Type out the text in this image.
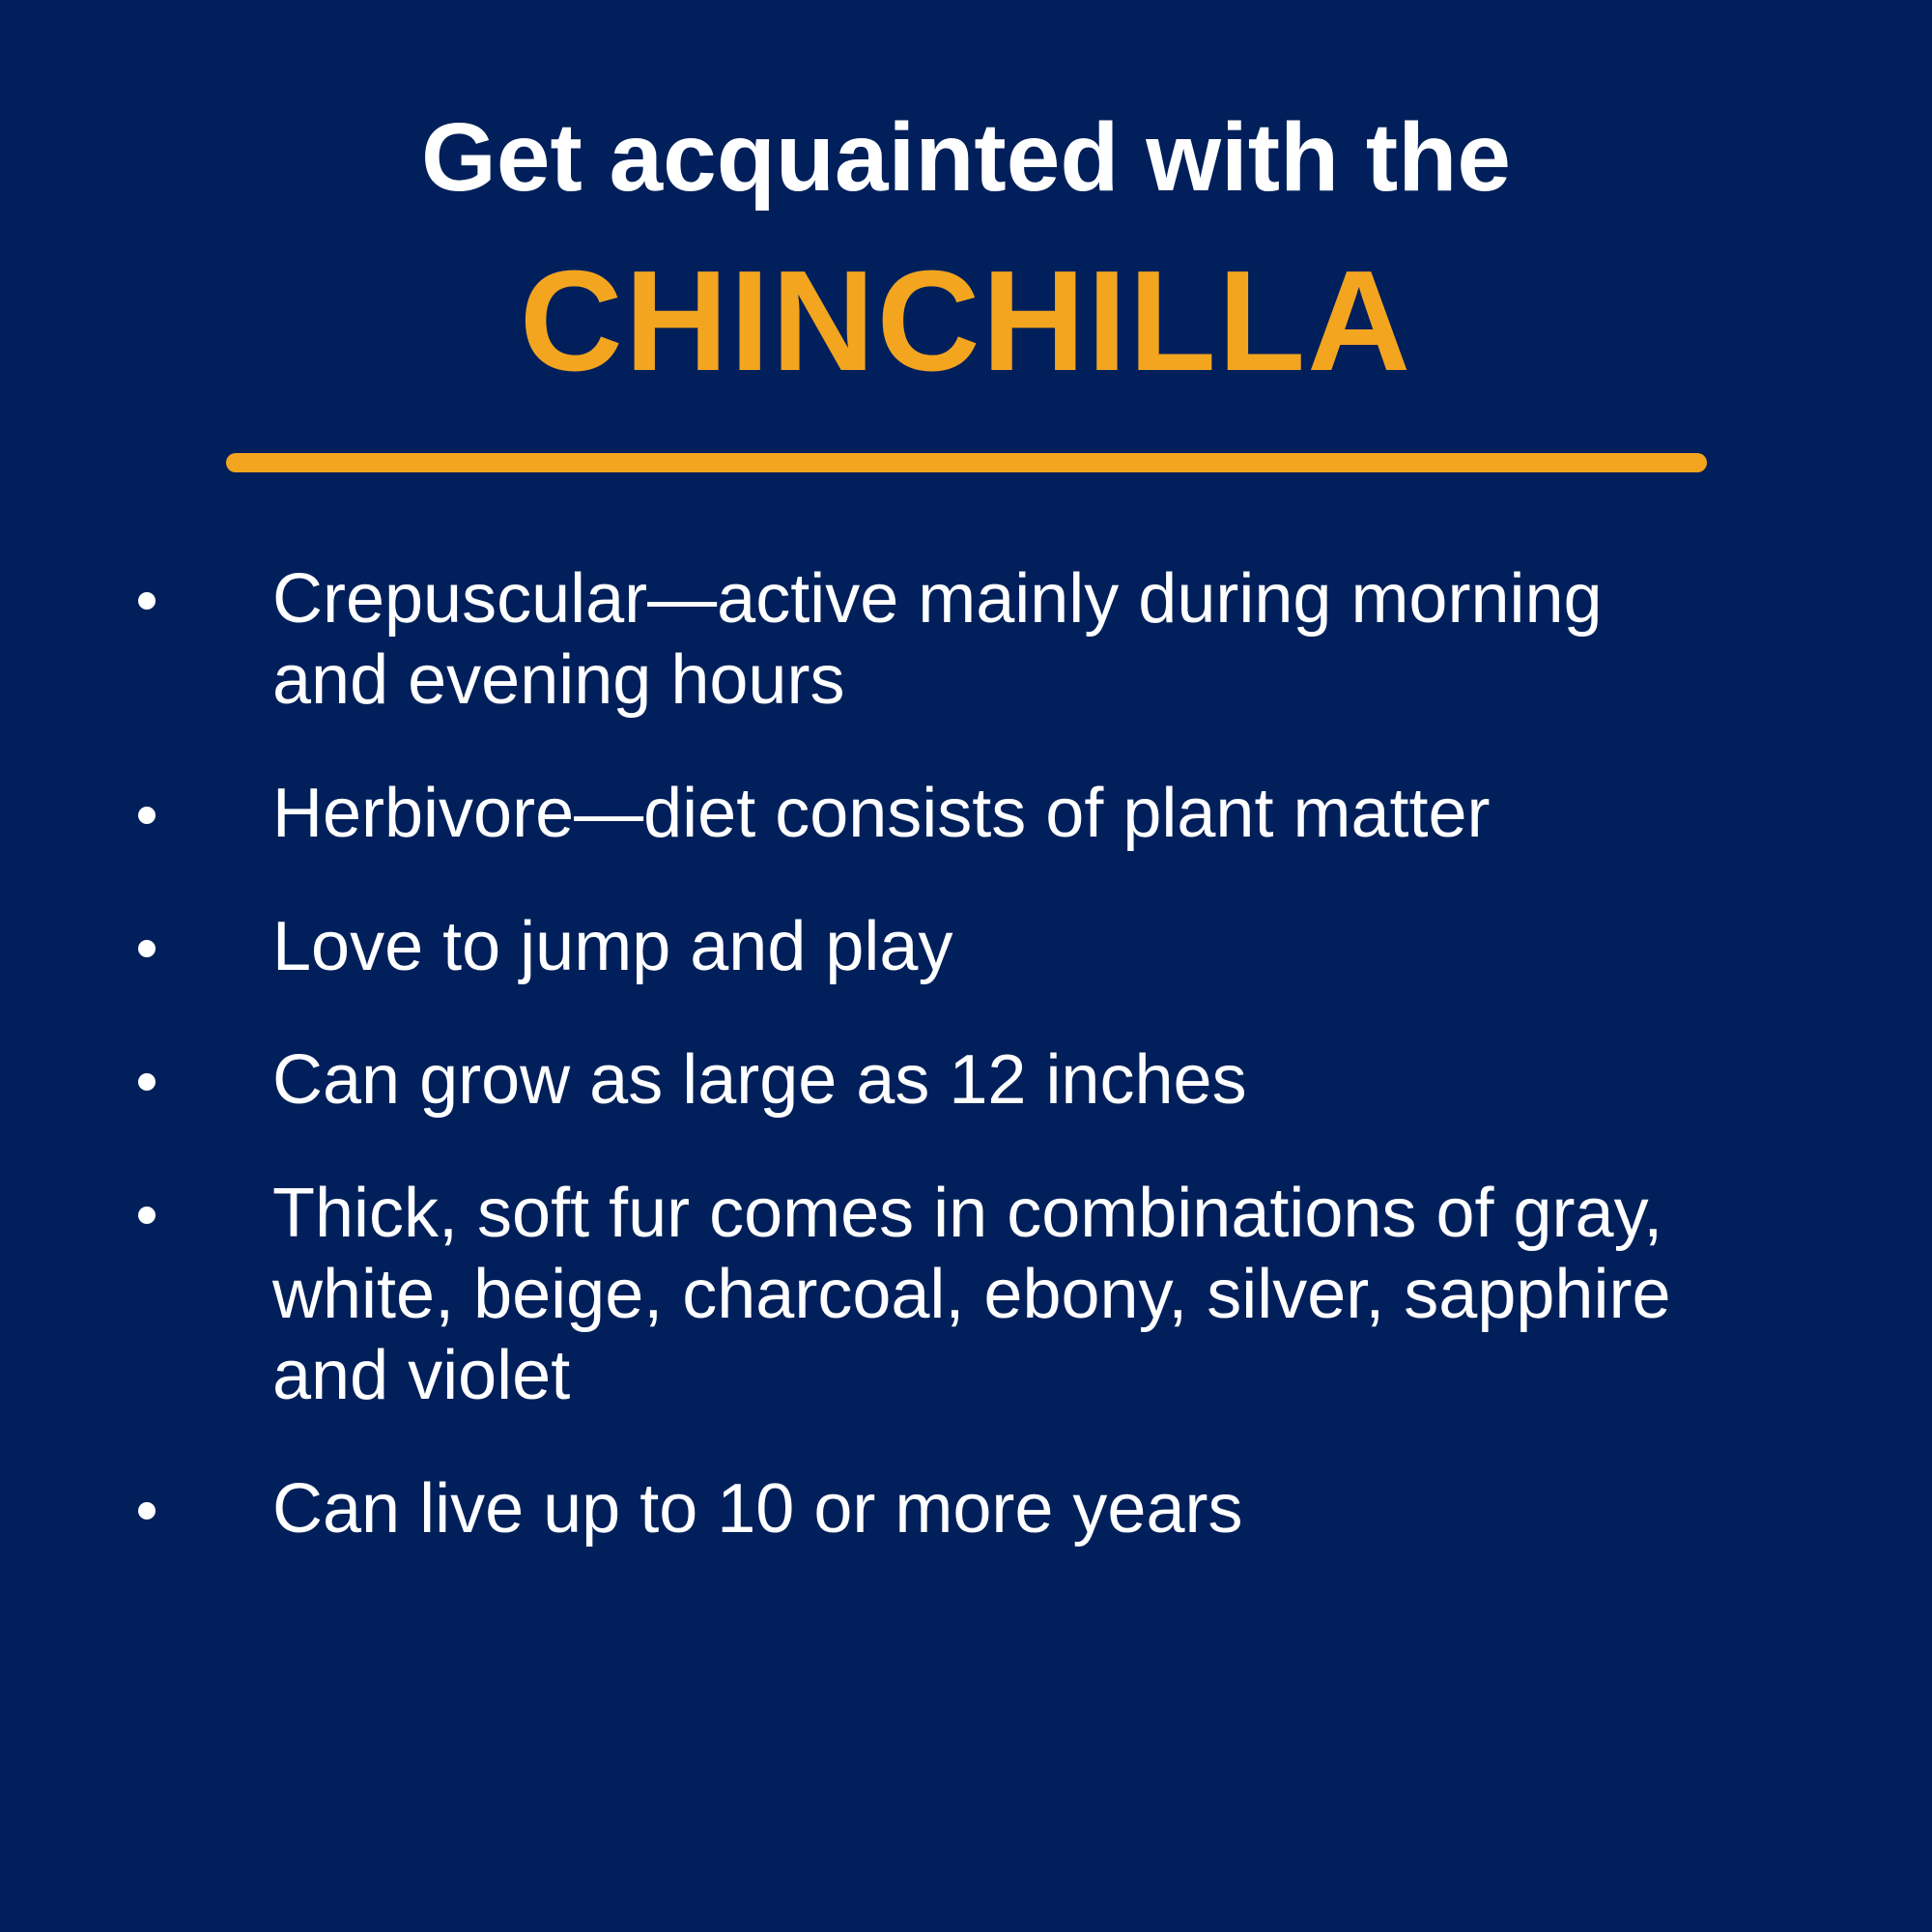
Get acquainted with the
CHINCHILLA
Crepuscular—active mainly during morning and evening hours
Herbivore—diet consists of plant matter
Love to jump and play
Can grow as large as 12 inches
Thick, soft fur comes in combinations of gray, white, beige, charcoal, ebony, silver, sapphire and violet
Can live up to 10 or more years
